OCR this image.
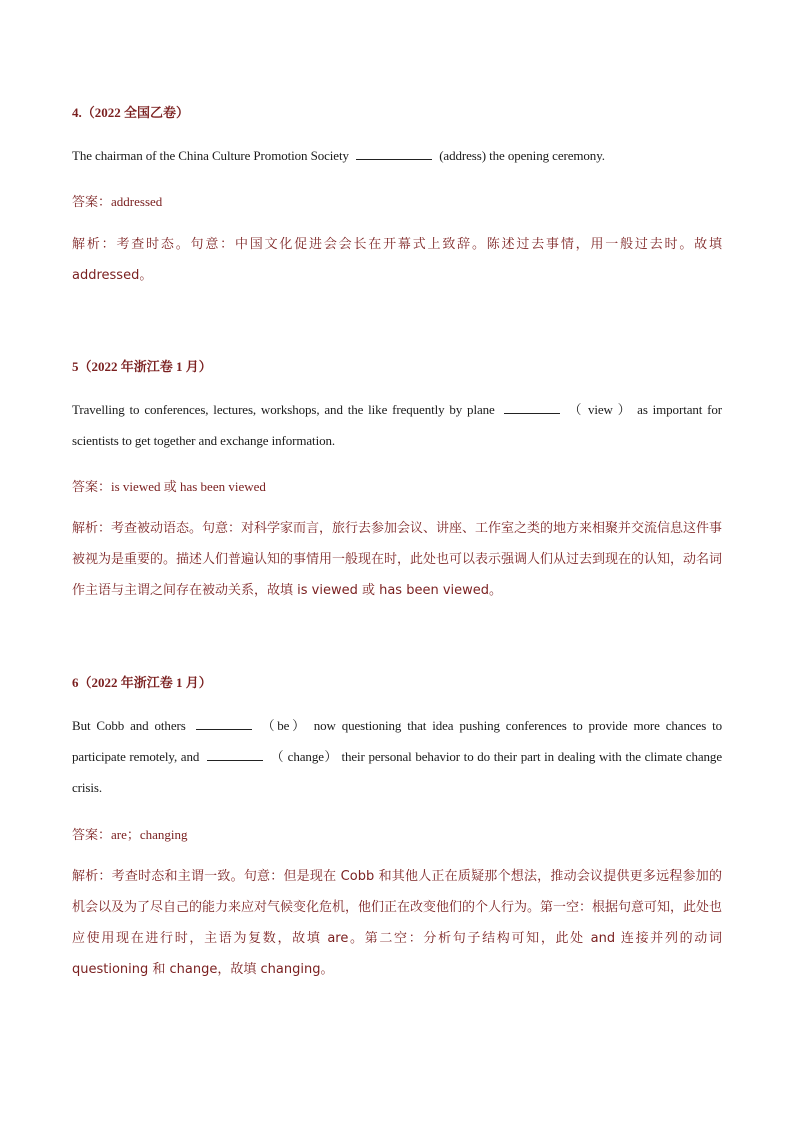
4.（2022 全国乙卷）
The chairman of the China Culture Promotion Society	(address) the opening ceremony.
答案：addressed
解析：考查时态。句意：中国文化促进会会长在开幕式上致辞。陈述过去事情，用一般过去时。故填 addressed。
5（2022 年浙江卷 1 月）
Travelling to conferences, lectures, workshops, and the like frequently by plane	（ view ） as important for scientists to get together and exchange information.
答案：is viewed 或 has been viewed
解析：考查被动语态。句意：对科学家而言，旅行去参加会议、讲座、工作室之类的地方来相聚并交流信息这件事被视为是重要的。描述人们普遍认知的事情用一般现在时，此处也可以表示强调人们从过去到现在的认知，动名词作主语与主谓之间存在被动关系，故填 is viewed 或 has been viewed。
6（2022 年浙江卷 1 月）
But Cobb and others	（be） now questioning that idea pushing conferences to provide more chances to participate remotely, and	（ change） their personal behavior to do their part in dealing with the climate change crisis.
答案：are；changing
解析：考查时态和主谓一致。句意：但是现在 Cobb 和其他人正在质疑那个想法，推动会议提供更多远程参加的机会以及为了尽自己的能力来应对气候变化危机，他们正在改变他们的个人行为。第一空：根据句意可知，此处也应使用现在进行时，主语为复数，故填 are。第二空：分析句子结构可知，此处 and 连接并列的动词 questioning 和 change，故填 changing。
